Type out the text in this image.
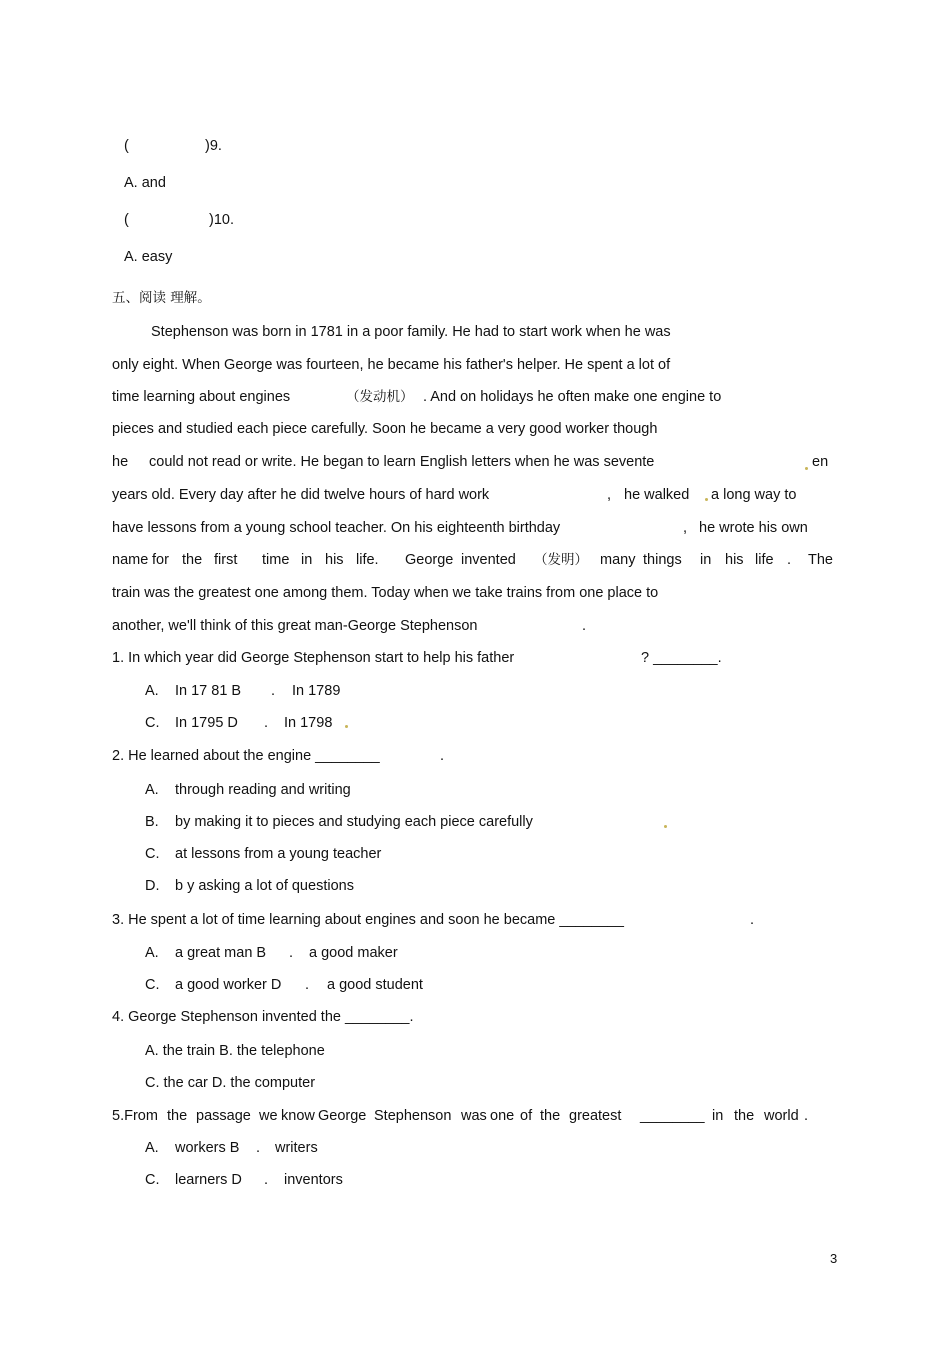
(	)9.
A. and
(	)10.
A. easy
五、阅读 理解。
Stephenson was born in 1781 in a poor family. He had to start work when he was
only eight. When George was fourteen, he became his father's helper. He spent a lot of
time learning about engines	（发动机） . And on holidays he often make one engine to
pieces and studied each piece carefully. Soon he became a very good worker though
he could not read or write. He began to learn English letters when he was sevente	en
years old. Every day after he did twelve hours of hard work	, he walked a long way to
have lessons from a young school teacher. On his eighteenth birthday	, he wrote his own
name for the first time in his life. George invented （发明） many things in his life . The
train was the greatest one among them. Today when we take trains from one place to
another, we'll think of this great man-George Stephenson	.
1. In which year did George Stephenson start to help his father	? ________.
A. In 17 81 B . In 1789
C. In 1795 D . In 1798
2. He learned about the engine ________	.
A. through reading and writing
B. by making it to pieces and studying each piece carefully
C. at lessons from a young teacher
D. b y asking a lot of questions
3. He spent a lot of time learning about engines and soon he became ________	.
A. a great man B . a good maker
C. a good worker D . a good student
4. George Stephenson invented the ________.
A. the train B. the telephone
C. the car D. the computer
5.From the passage we know George Stephenson was one of the greatest ________ in the world .
A. workers B . writers
C. learners D . inventors
3
